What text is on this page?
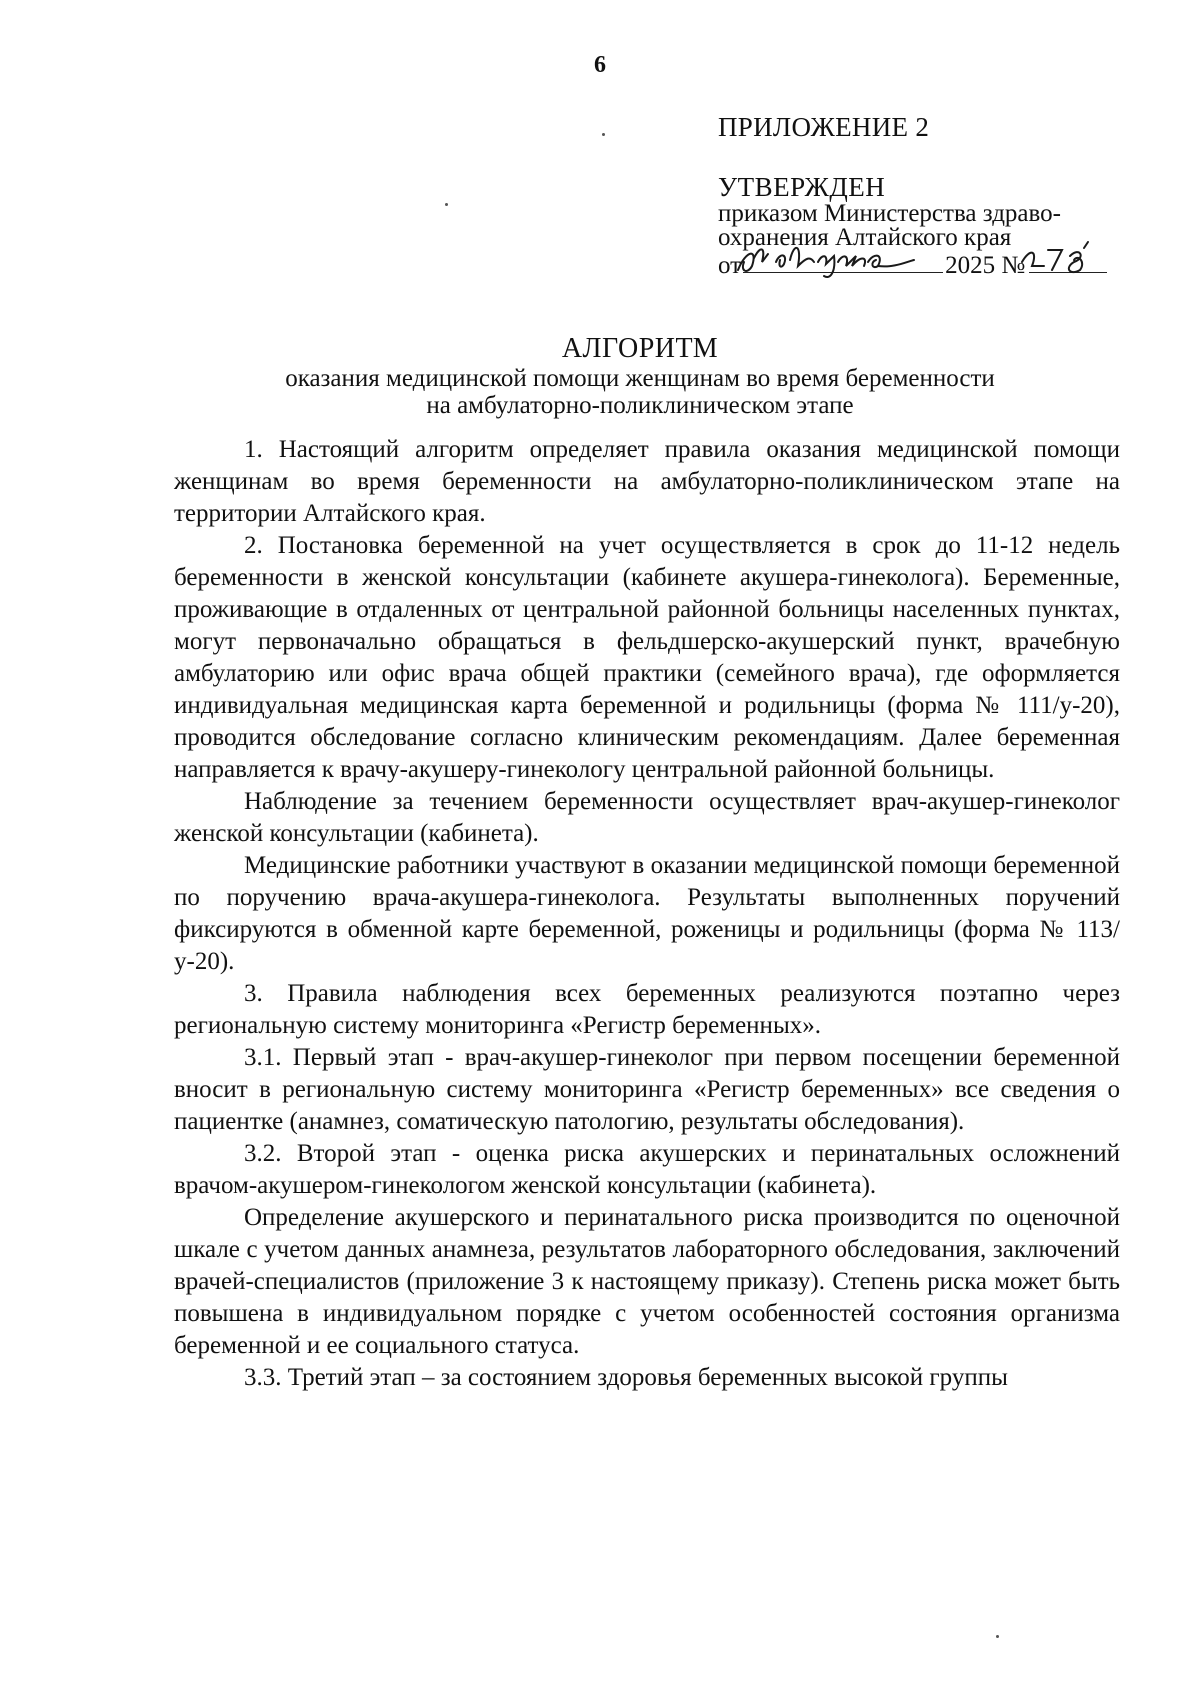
6
ПРИЛОЖЕНИЕ 2
УТВЕРЖДЕН
приказом Министерства здраво-
охранения Алтайского края
от	2025 №
АЛГОРИТМ
оказания медицинской помощи женщинам во время беременности
на амбулаторно-поликлиническом этапе

1. Настоящий алгоритм определяет правила оказания медицинской помощи женщинам во время беременности на амбулаторно-поликлиническом этапе на территории Алтайского края.

2. Постановка беременной на учет осуществляется в срок до 11-12 недель беременности в женской консультации (кабинете акушера-гинеколога). Беременные, проживающие в отдаленных от центральной районной больницы населенных пунктах, могут первоначально обращаться в фельдшерско-акушерский пункт, врачебную амбулаторию или офис врача общей практики (семейного врача), где оформляется индивидуальная медицинская карта беременной и родильницы (форма № 111/у-20), проводится обследование согласно клиническим рекомендациям. Далее беременная направляется к врачу-акушеру-гинекологу центральной районной больницы.

Наблюдение за течением беременности осуществляет врач-акушер-гинеколог женской консультации (кабинета).

Медицинские работники участвуют в оказании медицинской помощи беременной по поручению врача-акушера-гинеколога. Результаты выполненных поручений фиксируются в обменной карте беременной, роженицы и родильницы (форма № 113/у-20).

3. Правила наблюдения всех беременных реализуются поэтапно через региональную систему мониторинга «Регистр беременных».

3.1. Первый этап - врач-акушер-гинеколог при первом посещении беременной вносит в региональную систему мониторинга «Регистр беременных» все сведения о пациентке (анамнез, соматическую патологию, результаты обследования).

3.2. Второй этап - оценка риска акушерских и перинатальных осложнений врачом-акушером-гинекологом женской консультации (кабинета).

Определение акушерского и перинатального риска производится по оценочной шкале с учетом данных анамнеза, результатов лабораторного обследования, заключений врачей-специалистов (приложение 3 к настоящему приказу). Степень риска может быть повышена в индивидуальном порядке с учетом особенностей состояния организма беременной и ее социального статуса.

3.3. Третий этап – за состоянием здоровья беременных высокой группы
